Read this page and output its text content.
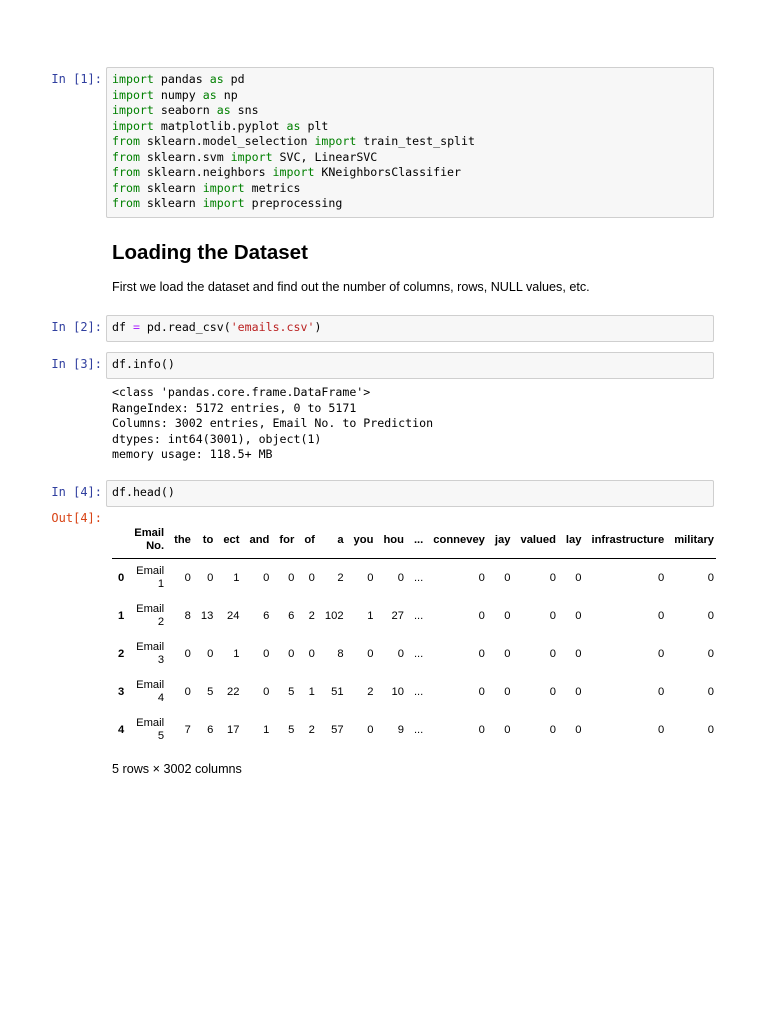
In [1]: import pandas as pd
import numpy as np
import seaborn as sns
import matplotlib.pyplot as plt
from sklearn.model_selection import train_test_split
from sklearn.svm import SVC, LinearSVC
from sklearn.neighbors import KNeighborsClassifier
from sklearn import metrics
from sklearn import preprocessing
Loading the Dataset

First we load the dataset and find out the number of columns, rows, NULL values, etc.

In [2]: df = pd.read_csv('emails.csv')
In [3]: df.info()
<class 'pandas.core.frame.DataFrame'>
RangeIndex: 5172 entries, 0 to 5171
Columns: 3002 entries, Email No. to Prediction
dtypes: int64(3001), object(1)
memory usage: 118.5+ MB
In [4]: df.head()
Out[4]:
	Email No.	the	to	ect	and	for	of	a	you	hou	...	connevey	jay	valued	lay	infrastructure	military
0	Email 1	0	0	1	0	0	0	2	0	0	...	0	0	0	0	0	0
1	Email 2	8	13	24	6	6	2	102	1	27	...	0	0	0	0	0	0
2	Email 3	0	0	1	0	0	0	8	0	0	...	0	0	0	0	0	0
3	Email 4	0	5	22	0	5	1	51	2	10	...	0	0	0	0	0	0
4	Email 5	7	6	17	1	5	2	57	0	9	...	0	0	0	0	0	0

5 rows × 3002 columns
